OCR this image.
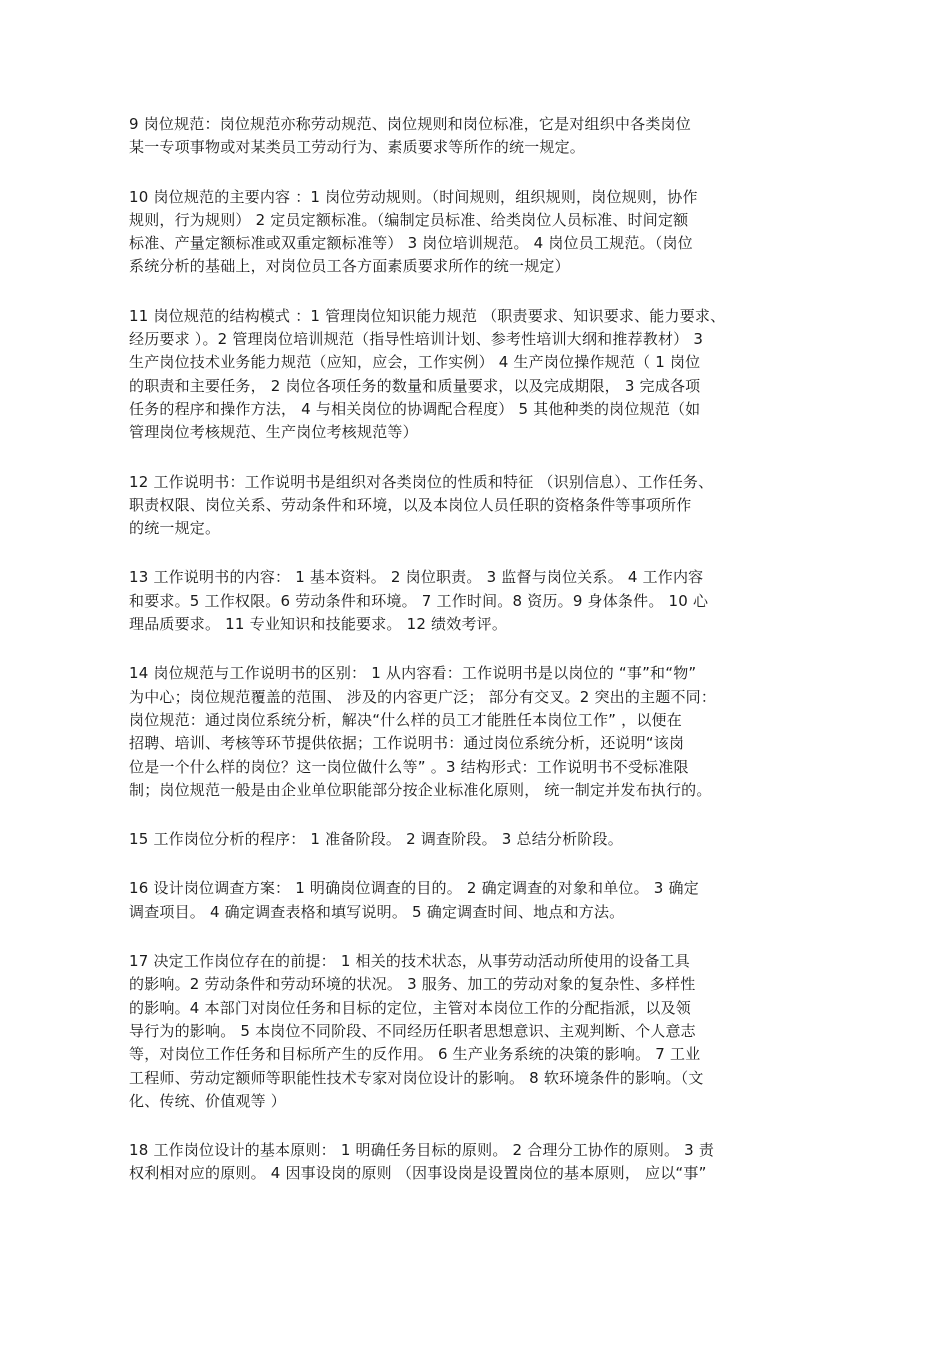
9 岗位规范：岗位规范亦称劳动规范、岗位规则和岗位标准，它是对组织中各类岗位
某一专项事物或对某类员工劳动行为、素质要求等所作的统一规定。
10 岗位规范的主要内容 ：1 岗位劳动规则。（时间规则，组织规则，岗位规则，协作
规则，行为规则） 2 定员定额标准。（编制定员标准、给类岗位人员标准、时间定额
标准、产量定额标准或双重定额标准等） 3 岗位培训规范。 4 岗位员工规范。（岗位
系统分析的基础上，对岗位员工各方面素质要求所作的统一规定）
11 岗位规范的结构模式 ：1 管理岗位知识能力规范 （职责要求、知识要求、能力要求、
经历要求 ）。2 管理岗位培训规范（指导性培训计划、参考性培训大纲和推荐教材） 3
生产岗位技术业务能力规范（应知，应会，工作实例） 4 生产岗位操作规范（ 1 岗位
的职责和主要任务， 2 岗位各项任务的数量和质量要求，以及完成期限， 3 完成各项
任务的程序和操作方法， 4 与相关岗位的协调配合程度） 5 其他种类的岗位规范（如
管理岗位考核规范、生产岗位考核规范等）
12 工作说明书：工作说明书是组织对各类岗位的性质和特征 （识别信息）、工作任务、
职责权限、岗位关系、劳动条件和环境，以及本岗位人员任职的资格条件等事项所作
的统一规定。
13 工作说明书的内容： 1 基本资料。 2 岗位职责。 3 监督与岗位关系。 4 工作内容
和要求。5 工作权限。6 劳动条件和环境。 7 工作时间。8 资历。9 身体条件。 10 心
理品质要求。 11 专业知识和技能要求。 12 绩效考评。
14 岗位规范与工作说明书的区别： 1 从内容看：工作说明书是以岗位的 “事”和“物”
为中心；岗位规范覆盖的范围、 涉及的内容更广泛； 部分有交叉。2 突出的主题不同：
岗位规范：通过岗位系统分析，解决“什么样的员工才能胜任本岗位工作” ，以便在
招聘、培训、考核等环节提供依据；工作说明书：通过岗位系统分析，还说明“该岗
位是一个什么样的岗位？这一岗位做什么等” 。3 结构形式：工作说明书不受标准限
制；岗位规范一般是由企业单位职能部分按企业标准化原则， 统一制定并发布执行的。
15 工作岗位分析的程序： 1 准备阶段。 2 调查阶段。 3 总结分析阶段。
16 设计岗位调查方案： 1 明确岗位调查的目的。 2 确定调查的对象和单位。 3 确定
调查项目。 4 确定调查表格和填写说明。 5 确定调查时间、地点和方法。
17 决定工作岗位存在的前提： 1 相关的技术状态，从事劳动活动所使用的设备工具
的影响。2 劳动条件和劳动环境的状况。 3 服务、加工的劳动对象的复杂性、多样性
的影响。4 本部门对岗位任务和目标的定位，主管对本岗位工作的分配指派，以及领
导行为的影响。 5 本岗位不同阶段、不同经历任职者思想意识、主观判断、个人意志
等，对岗位工作任务和目标所产生的反作用。 6 生产业务系统的决策的影响。 7 工业
工程师、劳动定额师等职能性技术专家对岗位设计的影响。 8 软环境条件的影响。（文
化、传统、价值观等 ）
18 工作岗位设计的基本原则： 1 明确任务目标的原则。 2 合理分工协作的原则。 3 责
权利相对应的原则。 4 因事设岗的原则 （因事设岗是设置岗位的基本原则， 应以“事”
